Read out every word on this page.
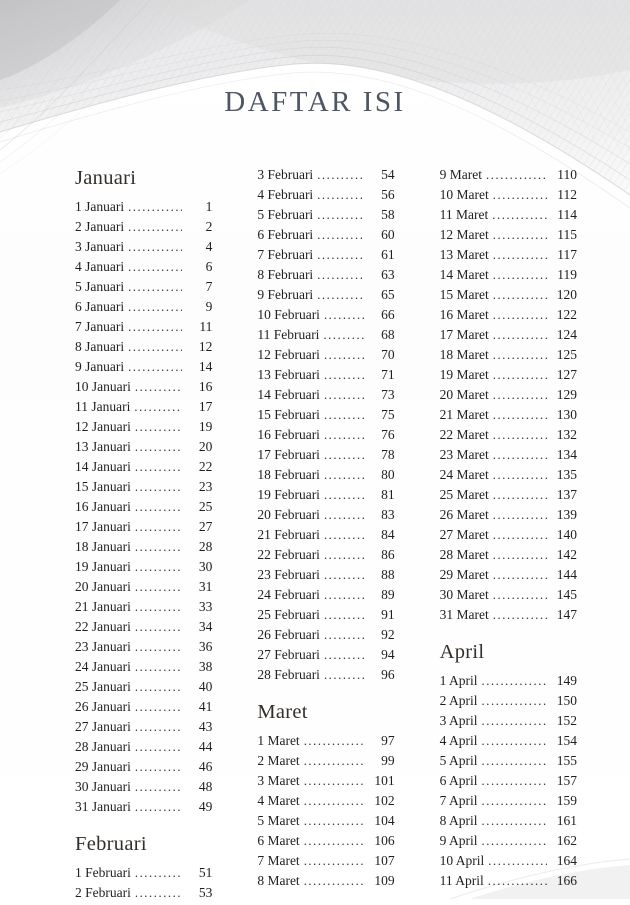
DAFTAR ISI
Januari
1 Januari .....	1
2 Januari .....	2
3 Januari .....	4
4 Januari .....	6
5 Januari .....	7
6 Januari .....	9
7 Januari .....	11
8 Januari .....	12
9 Januari .....	14
10 Januari .....	16
11 Januari .....	17
12 Januari .....	19
13 Januari .....	20
14 Januari .....	22
15 Januari .....	23
16 Januari .....	25
17 Januari .....	27
18 Januari .....	28
19 Januari .....	30
20 Januari .....	31
21 Januari .....	33
22 Januari .....	34
23 Januari .....	36
24 Januari .....	38
25 Januari .....	40
26 Januari .....	41
27 Januari .....	43
28 Januari .....	44
29 Januari .....	46
30 Januari .....	48
31 Januari .....	49
Februari
1 Februari .....	51
2 Februari .....	53
3 Februari .....	54
4 Februari .....	56
5 Februari .....	58
6 Februari .....	60
7 Februari .....	61
8 Februari .....	63
9 Februari .....	65
10 Februari .....	66
11 Februari .....	68
12 Februari .....	70
13 Februari .....	71
14 Februari .....	73
15 Februari .....	75
16 Februari .....	76
17 Februari .....	78
18 Februari .....	80
19 Februari .....	81
20 Februari .....	83
21 Februari .....	84
22 Februari .....	86
23 Februari .....	88
24 Februari .....	89
25 Februari .....	91
26 Februari .....	92
27 Februari .....	94
28 Februari .....	96
Maret
1 Maret .....	97
2 Maret .....	99
3 Maret .....	101
4 Maret .....	102
5 Maret .....	104
6 Maret .....	106
7 Maret .....	107
8 Maret .....	109
9 Maret .....	110
10 Maret .....	112
11 Maret .....	114
12 Maret .....	115
13 Maret .....	117
14 Maret .....	119
15 Maret .....	120
16 Maret .....	122
17 Maret .....	124
18 Maret .....	125
19 Maret .....	127
20 Maret .....	129
21 Maret .....	130
22 Maret .....	132
23 Maret .....	134
24 Maret .....	135
25 Maret .....	137
26 Maret .....	139
27 Maret .....	140
28 Maret .....	142
29 Maret .....	144
30 Maret .....	145
31 Maret .....	147
April
1 April .....	149
2 April .....	150
3 April .....	152
4 April .....	154
5 April .....	155
6 April .....	157
7 April .....	159
8 April .....	161
9 April .....	162
10 April .....	164
11 April .....	166
